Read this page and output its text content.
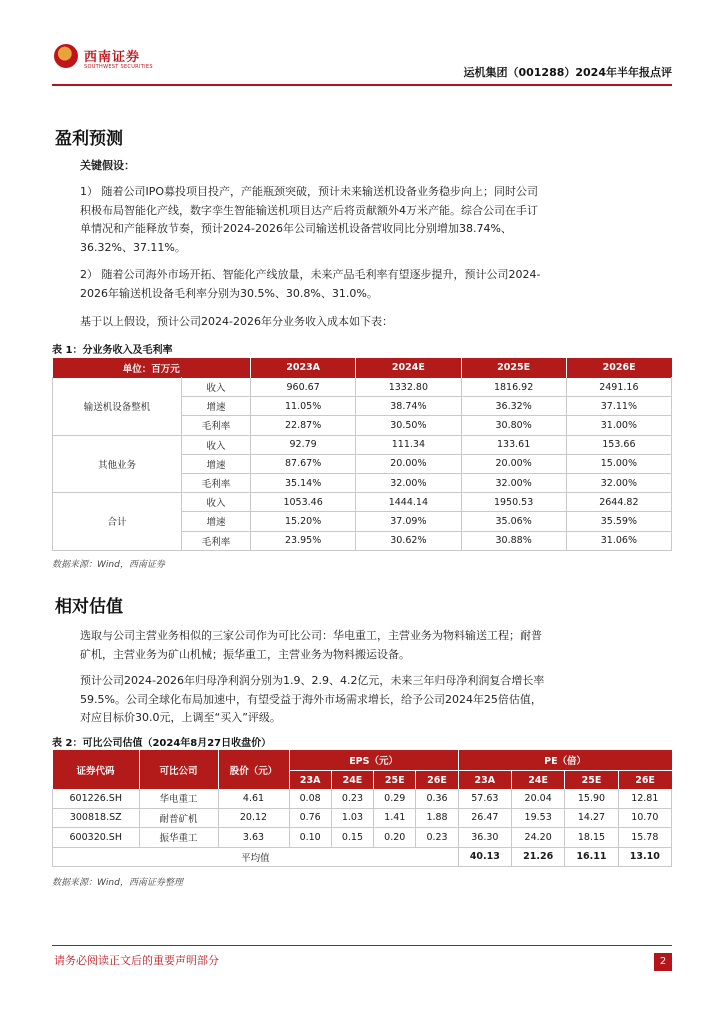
西南证券
SOUTHWEST SECURITIES	运机集团（001288）2024年半年报点评
盈利预测
关键假设：
1） 随着公司IPO募投项目投产，产能瓶颈突破，预计未来输送机设备业务稳步向上；同时公司积极布局智能化产线，数字孪生智能输送机项目达产后将贡献额外4万米产能。综合公司在手订单情况和产能释放节奏，预计2024-2026年公司输送机设备营收同比分别增加38.74%、36.32%、37.11%。
2） 随着公司海外市场开拓、智能化产线放量，未来产品毛利率有望逐步提升，预计公司2024-2026年输送机设备毛利率分别为30.5%、30.8%、31.0%。
基于以上假设，预计公司2024-2026年分业务收入成本如下表：
表 1：分业务收入及毛利率
单位：百万元		2023A	2024E	2025E	2026E
输送机设备整机	收入	960.67	1332.80	1816.92	2491.16
	增速	11.05%	38.74%	36.32%	37.11%
	毛利率	22.87%	30.50%	30.80%	31.00%
其他业务	收入	92.79	111.34	133.61	153.66
	增速	87.67%	20.00%	20.00%	15.00%
	毛利率	35.14%	32.00%	32.00%	32.00%
合计	收入	1053.46	1444.14	1950.53	2644.82
	增速	15.20%	37.09%	35.06%	35.59%
	毛利率	23.95%	30.62%	30.88%	31.06%
数据来源：Wind，西南证券
相对估值
选取与公司主营业务相似的三家公司作为可比公司：华电重工，主营业务为物料输送工程；耐普矿机，主营业务为矿山机械；振华重工，主营业务为物料搬运设备。
预计公司2024-2026年归母净利润分别为1.9、2.9、4.2亿元，未来三年归母净利润复合增长率59.5%。公司全球化布局加速中，有望受益于海外市场需求增长，给予公司2024年25倍估值，对应目标价30.0元，上调至“买入”评级。
表 2：可比公司估值（2024年8月27日收盘价）
证券代码	可比公司	股价（元）	EPS（元）				PE（倍）			
			23A	24E	25E	26E	23A	24E	25E	26E
601226.SH	华电重工	4.61	0.08	0.23	0.29	0.36	57.63	20.04	15.90	12.81
300818.SZ	耐普矿机	20.12	0.76	1.03	1.41	1.88	26.47	19.53	14.27	10.70
600320.SH	振华重工	3.63	0.10	0.15	0.20	0.23	36.30	24.20	18.15	15.78
平均值							40.13	21.26	16.11	13.10
数据来源：Wind，西南证券整理
请务必阅读正文后的重要声明部分	2
